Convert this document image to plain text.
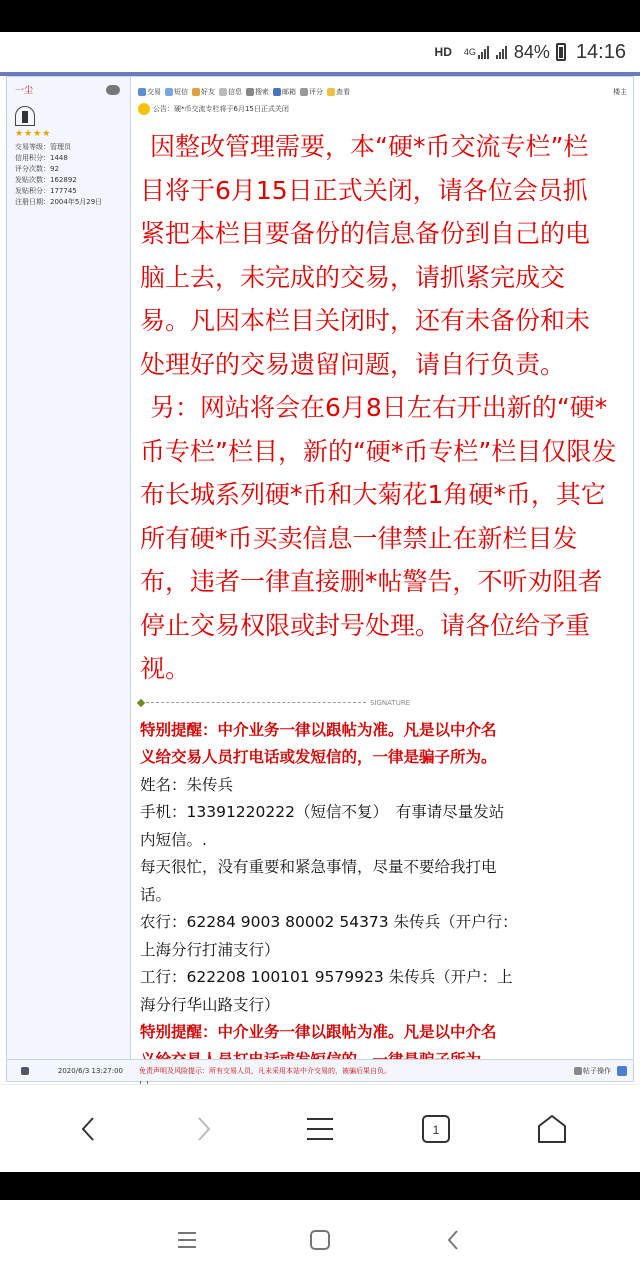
HD 4G 84% 14:16
一尘
★★★★
交易等级：管理员
信用积分：1448
评分次数：92
发贴次数：162892
发贴积分：177745
注册日期：2004年5月29日
交易 短信 好友 信息 搜索 邮箱 评分 查看	楼主
公告：硬*币交流专栏将于6月15日正式关闭
因整改管理需要，本“硬*币交流专栏”栏
目将于6月15日正式关闭，请各位会员抓
紧把本栏目要备份的信息备份到自己的电
脑上去，未完成的交易，请抓紧完成交
易。凡因本栏目关闭时，还有未备份和未
处理好的交易遗留问题，请自行负责。
另：网站将会在6月8日左右开出新的“硬*
币专栏”栏目，新的“硬*币专栏”栏目仅限发
布长城系列硬*币和大菊花1角硬*币，其它
所有硬*币买卖信息一律禁止在新栏目发
布，违者一律直接删*帖警告，不听劝阻者
停止交易权限或封号处理。请各位给予重
视。
SIGNATURE
特别提醒：中介业务一律以跟帖为准。凡是以中介名
义给交易人员打电话或发短信的，一律是骗子所为。
姓名：朱传兵
手机：13391220222（短信不复）　有事请尽量发站
内短信。.
每天很忙，没有重要和紧急事情，尽量不要给我打电
话。
农行：62284 9003 80002 54373 朱传兵（开户行：
上海分行打浦支行）
工行：622208 100101 9579923 朱传兵（开户：上
海分行华山路支行）
特别提醒：中介业务一律以跟帖为准。凡是以中介名
2020/6/3 13:27:00	免责声明及风险提示：所有交易人员，凡未采用本站中介交易的，被骗后果自负。	帖子操作
1
